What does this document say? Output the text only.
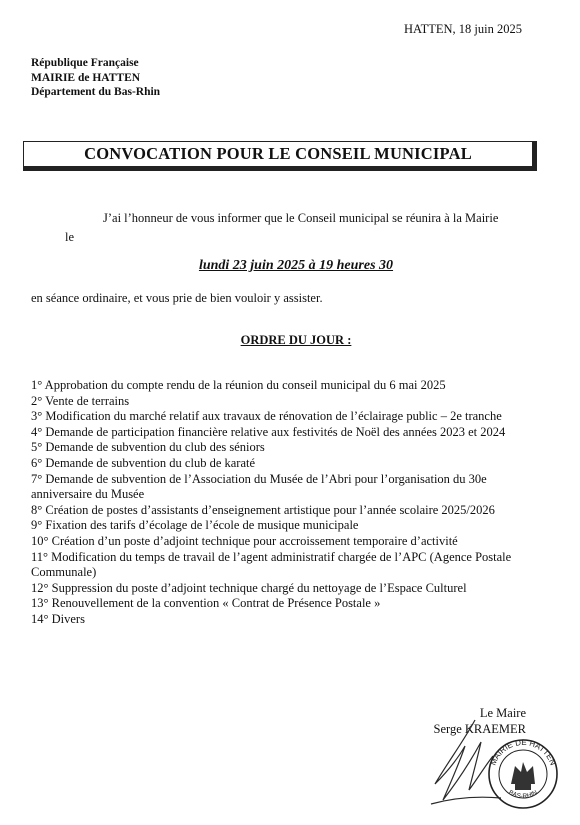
HATTEN, 18 juin 2025
République Française
MAIRIE de HATTEN
Département du Bas-Rhin
CONVOCATION POUR LE CONSEIL MUNICIPAL
J’ai l’honneur de vous informer que le Conseil municipal se réunira à la Mairie
le
lundi 23 juin 2025 à 19 heures 30
en séance ordinaire, et vous prie de bien vouloir y assister.
ORDRE DU JOUR :
1° Approbation du compte rendu de la réunion du conseil municipal du 6 mai 2025
2° Vente de terrains
3° Modification du marché relatif aux travaux de rénovation de l’éclairage public – 2e tranche
4° Demande de participation financière relative aux festivités de Noël des années 2023 et 2024
5° Demande de subvention du club des séniors
6° Demande de subvention du club de karaté
7° Demande de subvention de l’Association du Musée de l’Abri pour l’organisation du 30e anniversaire du Musée
8° Création de postes d’assistants d’enseignement artistique pour l’année scolaire 2025/2026
9° Fixation des tarifs d’écolage de l’école de musique municipale
10° Création d’un poste d’adjoint technique pour accroissement temporaire d’activité
11° Modification du temps de travail de l’agent administratif chargée de l’APC (Agence Postale Communale)
12° Suppression du poste d’adjoint technique chargé du nettoyage de l’Espace Culturel
13° Renouvellement de la convention « Contrat de Présence Postale »
14° Divers
Le Maire
Serge KRAEMER
MAIRIE DE HATTEN
BAS-RHIN
